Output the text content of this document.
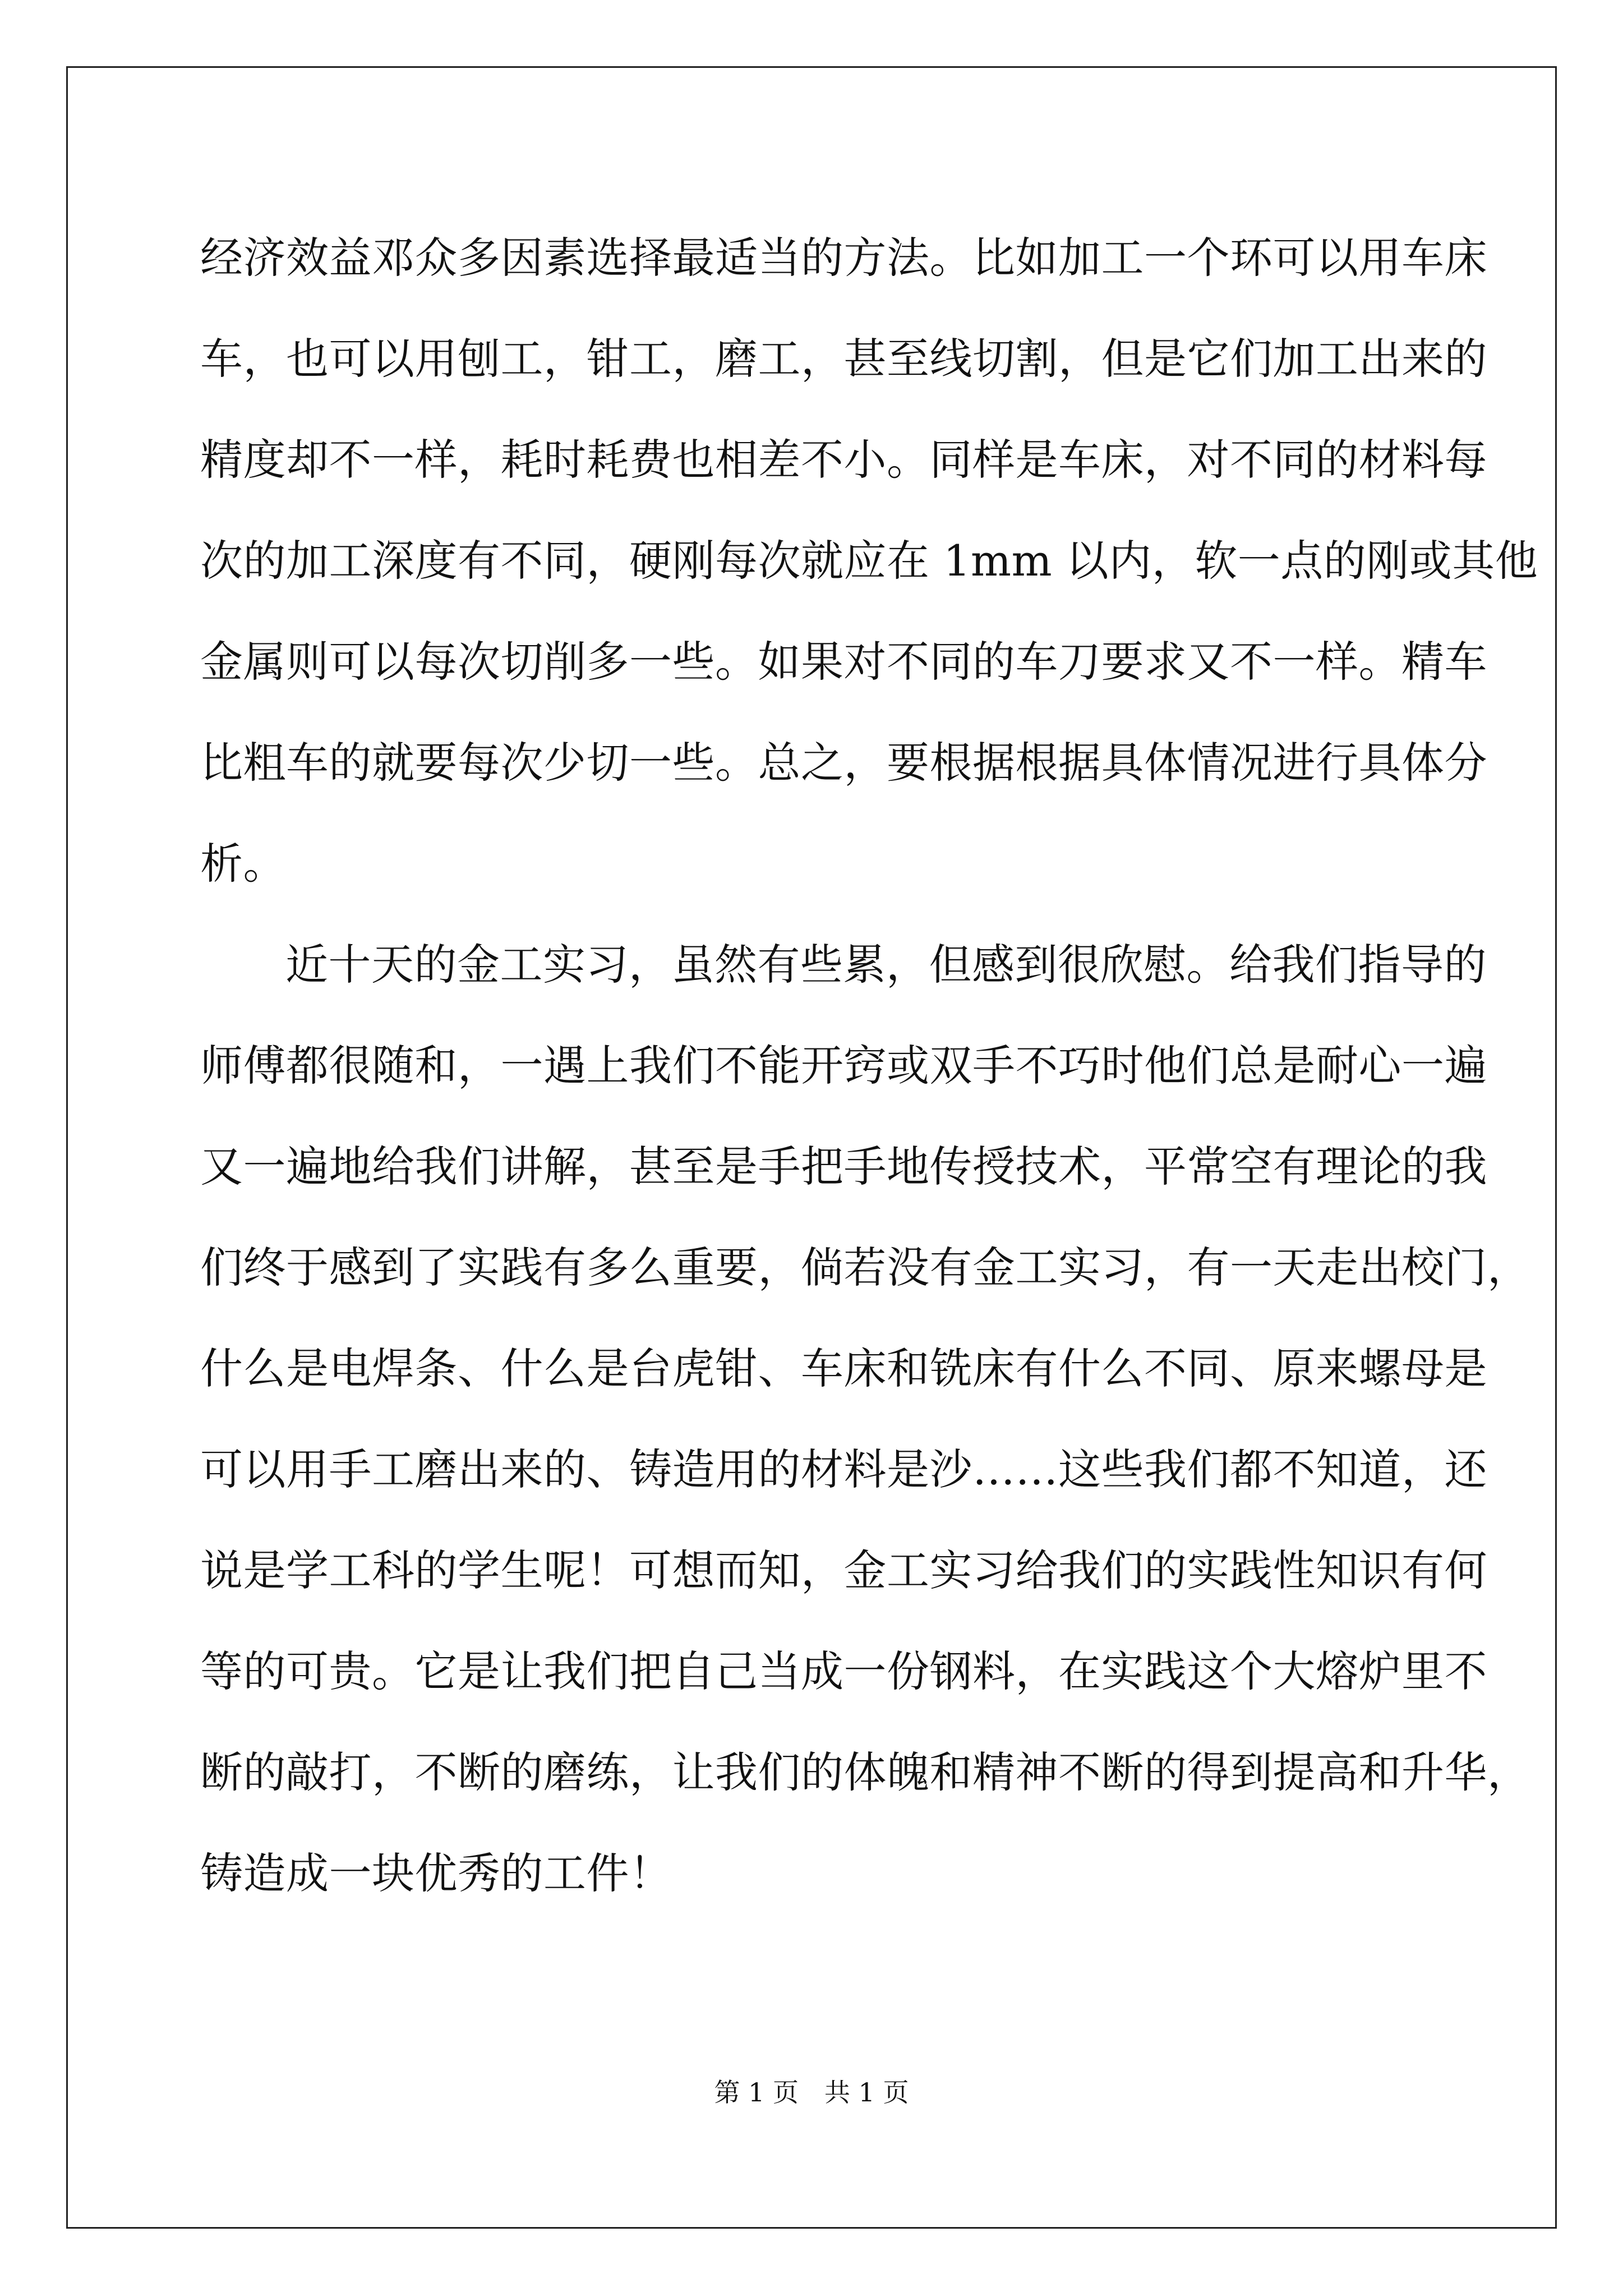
经济效益邓众多因素选择最适当的方法。比如加工一个环可以用车床
车，也可以用刨工，钳工，磨工，甚至线切割，但是它们加工出来的
精度却不一样，耗时耗费也相差不小。同样是车床，对不同的材料每
次的加工深度有不同，硬刚每次就应在 1mm 以内，软一点的刚或其他
金属则可以每次切削多一些。如果对不同的车刀要求又不一样。精车
比粗车的就要每次少切一些。总之，要根据根据具体情况进行具体分
析。
近十天的金工实习，虽然有些累，但感到很欣慰。给我们指导的
师傅都很随和，一遇上我们不能开窍或双手不巧时他们总是耐心一遍
又一遍地给我们讲解，甚至是手把手地传授技术，平常空有理论的我
们终于感到了实践有多么重要，倘若没有金工实习，有一天走出校门，
什么是电焊条、什么是台虎钳、车床和铣床有什么不同、原来螺母是
可以用手工磨出来的、铸造用的材料是沙……这些我们都不知道，还
说是学工科的学生呢！可想而知，金工实习给我们的实践性知识有何
等的可贵。它是让我们把自己当成一份钢料，在实践这个大熔炉里不
断的敲打，不断的磨练，让我们的体魄和精神不断的得到提高和升华，
铸造成一块优秀的工件！
第 1 页　共 1 页
